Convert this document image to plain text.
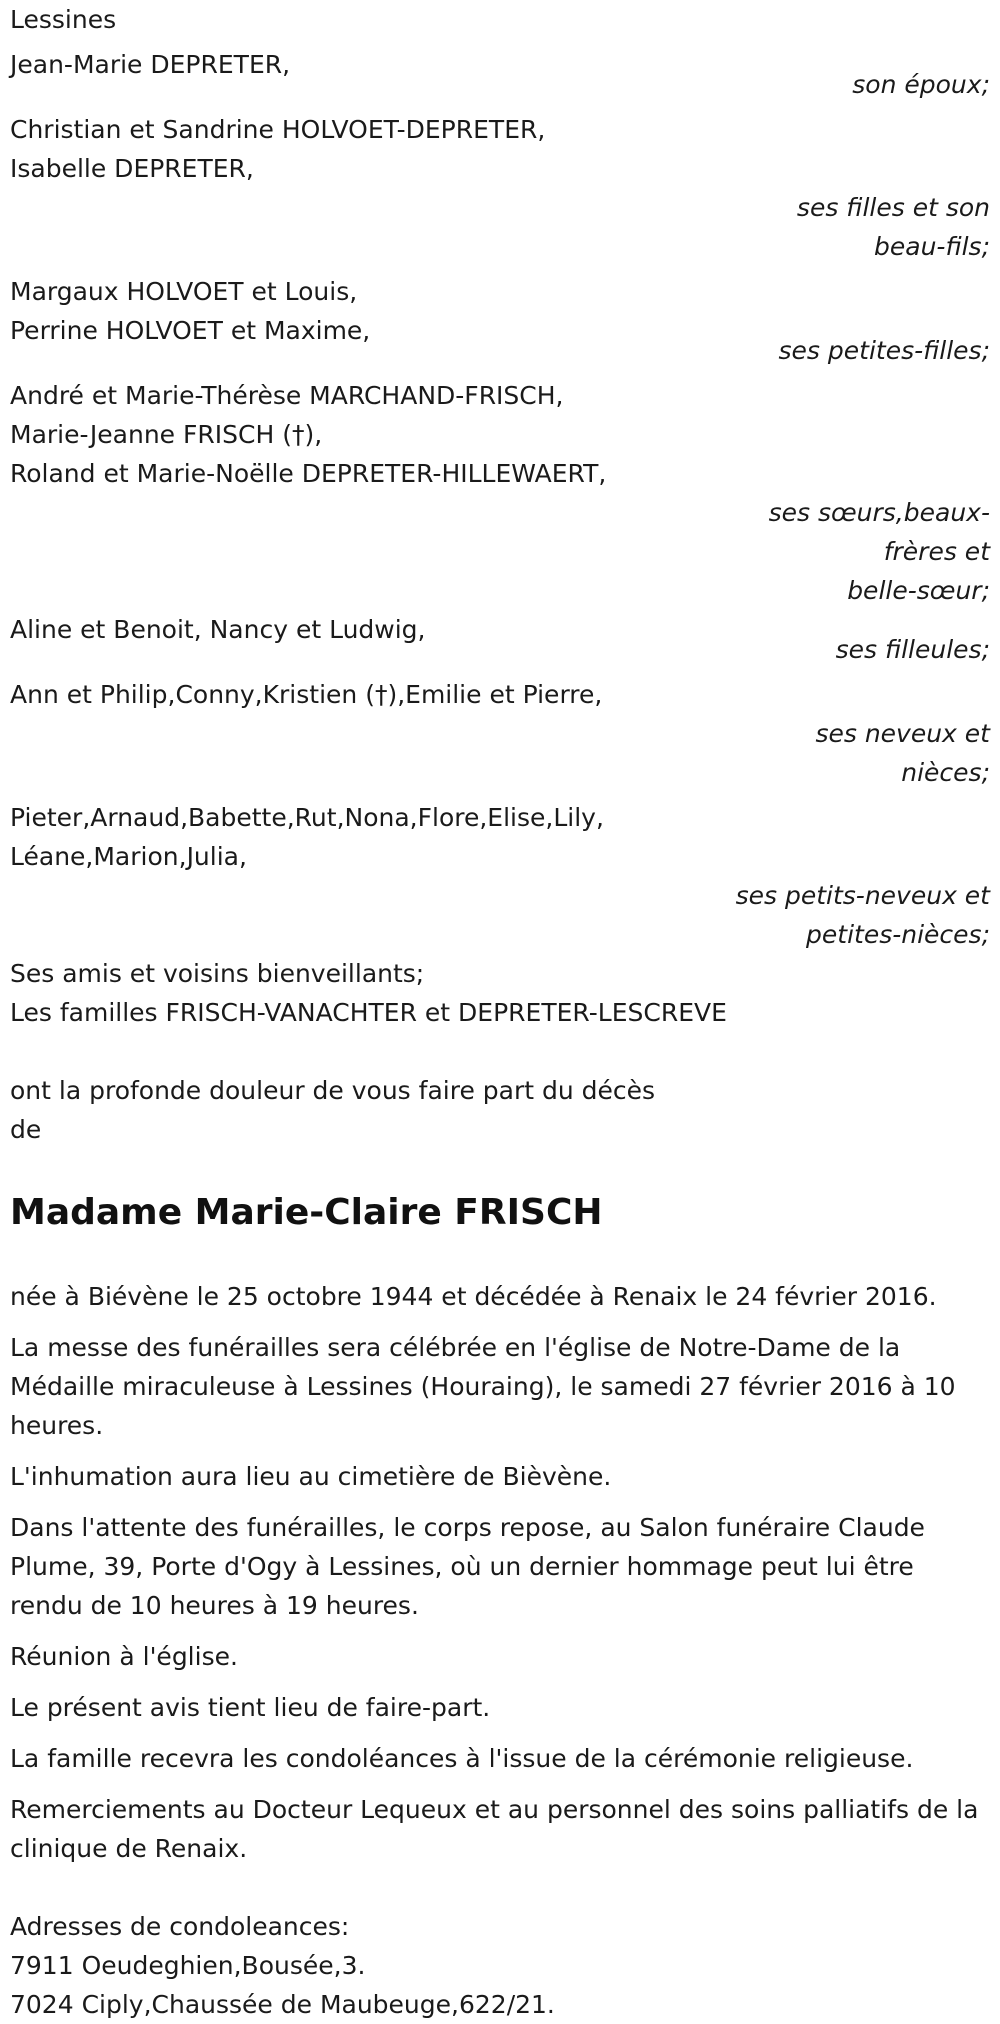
Lessines
Jean-Marie DEPRETER,
son époux;
Christian et Sandrine HOLVOET-DEPRETER,
Isabelle DEPRETER,
ses filles et son
beau-fils;
Margaux HOLVOET et Louis,
Perrine HOLVOET et Maxime,
ses petites-filles;
André et Marie-Thérèse MARCHAND-FRISCH,
Marie-Jeanne FRISCH (†),
Roland et Marie-Noëlle DEPRETER-HILLEWAERT,
ses sœurs,beaux-
frères et
belle-sœur;
Aline et Benoit, Nancy et Ludwig,
ses filleules;
Ann et Philip,Conny,Kristien (†),Emilie et Pierre,
ses neveux et
nièces;
Pieter,Arnaud,Babette,Rut,Nona,Flore,Elise,Lily,
Léane,Marion,Julia,
ses petits-neveux et
petites-nièces;
Ses amis et voisins bienveillants;
Les familles FRISCH-VANACHTER et DEPRETER-LESCREVE
ont la profonde douleur de vous faire part du décès
de
Madame Marie-Claire FRISCH
née à Biévène le 25 octobre 1944 et décédée à Renaix le 24 février 2016.
La messe des funérailles sera célébrée en l'église de Notre-Dame de la Médaille miraculeuse à Lessines (Houraing), le samedi 27 février 2016 à 10 heures.
L'inhumation aura lieu au cimetière de Bièvène.
Dans l'attente des funérailles, le corps repose, au Salon funéraire Claude Plume, 39, Porte d'Ogy à Lessines, où un dernier hommage peut lui être rendu de 10 heures à 19 heures.
Réunion à l'église.
Le présent avis tient lieu de faire-part.
La famille recevra les condoléances à l'issue de la cérémonie religieuse.
Remerciements au Docteur Lequeux et au personnel des soins palliatifs de la clinique de Renaix.
Adresses de condoleances:
7911 Oeudeghien,Bousée,3.
7024 Ciply,Chaussée de Maubeuge,622/21.
